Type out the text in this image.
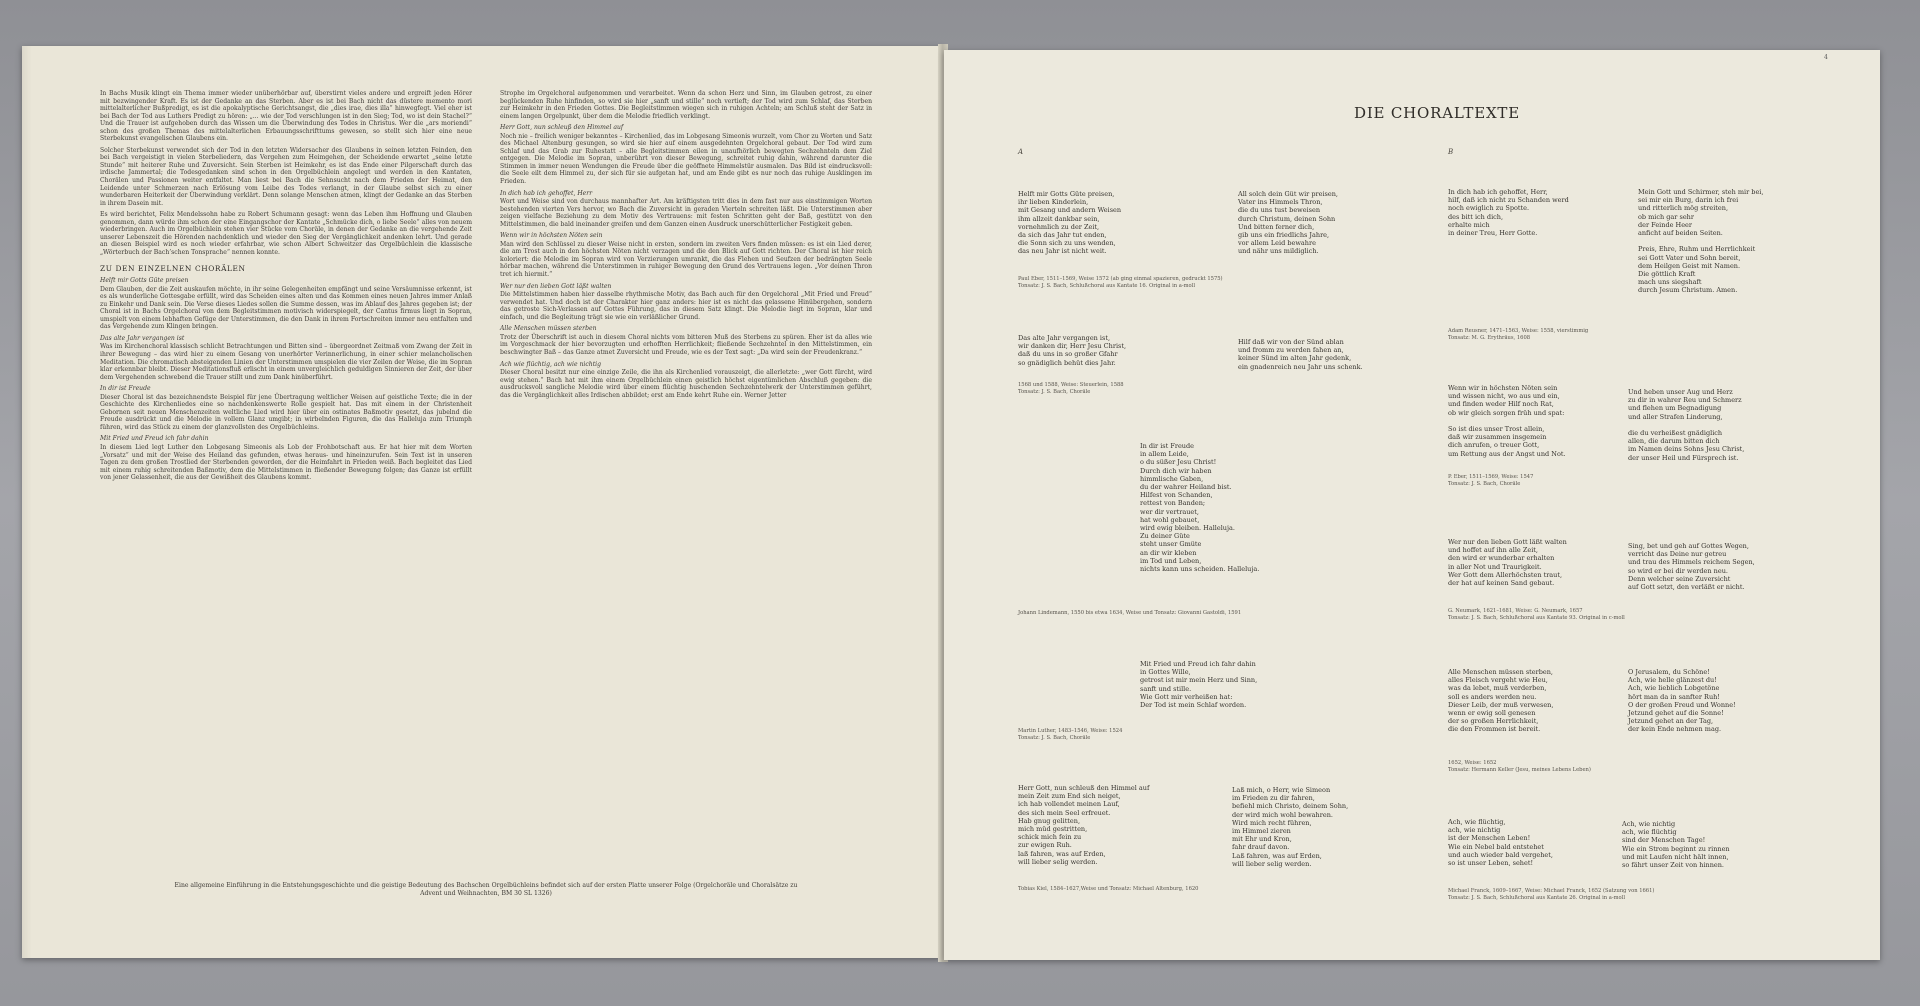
In Bachs Musik klingt ein Thema immer wieder unüberhörbar auf, überstirnt vieles andere und ergreift jeden Hörer mit bezwingender Kraft. Es ist der Gedanke an das Sterben. Aber es ist bei Bach nicht das düstere memento mori mittelalterlicher Bußpredigt, es ist die apokalyptische Gerichtsangst, die „dies irae, dies illa“ hinwegfegt. Viel eher ist bei Bach der Tod aus Luthers Predigt zu hören: „... wie der Tod verschlungen ist in den Sieg; Tod, wo ist dein Stachel?“ Und die Trauer ist aufgehoben durch das Wissen um die Überwindung des Todes in Christus. Wer die „ars moriendi“ schon des großen Themas des mittelalterlichen Erbauungsschrifttums gewesen, so stellt sich hier eine neue Sterbekunst evangelischen Glaubens ein.

Solcher Sterbekunst verwendet sich der Tod in den letzten Widersacher des Glaubens in seinen letzten Feinden, den bei Bach vergeistigt in vielen Sterbeliedern, das Vergehen zum Heimgehen, der Scheidende erwartet „seine letzte Stunde“ mit heiterer Ruhe und Zuversicht. Sein Sterben ist Heimkehr, es ist das Ende einer Pilgerschaft durch das irdische Jammertal; die Todesgedanken sind schon in den Orgelbüchlein angelegt und werden in den Kantaten, Chorälen und Passionen weiter entfaltet. Man liest bei Bach die Sehnsucht nach dem Frieden der Heimat, den Leidende unter Schmerzen nach Erlösung vom Leibe des Todes verlangt, in der Glaube selbst sich zu einer wunderbaren Heiterkeit der Überwindung verklärt. Denn solange Menschen atmen, klingt der Gedanke an das Sterben in ihrem Dasein mit.

Es wird berichtet, Felix Mendelssohn habe zu Robert Schumann gesagt: wenn das Leben ihm Hoffnung und Glauben genommen, dann würde ihm schon der eine Eingangschor der Kantate „Schmücke dich, o liebe Seele“ alles von neuem wiederbringen. Auch im Orgelbüchlein stehen vier Stücke vom Choräle, in denen der Gedanke an die vergehende Zeit unserer Lebenszeit die Hörenden nachdenklich und wieder den Sieg der Vergänglichkeit andenken lehrt. Und gerade an diesen Beispiel wird es noch wieder erfahrbar, wie schon Albert Schweitzer das Orgelbüchlein die klassische „Wörterbuch der Bach’schen Tonsprache“ nennen konnte.

ZU DEN EINZELNEN CHORÄLEN
Helft mir Gotts Güte preisen

Dem Glauben, der die Zeit auskaufen möchte, in ihr seine Gelegenheiten empfängt und seine Versäumnisse erkennt, ist es als wunderliche Gottesgabe erfüllt, wird das Scheiden eines alten und das Kommen eines neuen Jahres immer Anlaß zu Einkehr und Dank sein. Die Verse dieses Liedes sollen die Summe dessen, was im Ablauf des Jahres gegeben ist; der Choral ist in Bachs Orgelchoral von dem Begleitstimmen motivisch widerspiegelt, der Cantus firmus liegt in Sopran, umspielt von einem lebhaften Gefüge der Unterstimmen, die den Dank in ihrem Fortschreiten immer neu entfalten und das Vergehende zum Klingen bringen.

Das alte Jahr vergangen ist

Was im Kirchenchoral klassisch schlicht Betrachtungen und Bitten sind – übergeordnet Zeitmaß vom Zwang der Zeit in ihrer Bewegung – das wird hier zu einem Gesang von unerhörter Verinnerlichung, in einer schier melancholischen Meditation. Die chromatisch absteigenden Linien der Unterstimmen umspielen die vier Zeilen der Weise, die im Sopran klar erkennbar bleibt. Dieser Meditationsfluß erlischt in einem unvergleichlich geduldigen Sinnieren der Zeit, der über dem Vergehenden schwebend die Trauer stillt und zum Dank hinüberführt.

In dir ist Freude

Dieser Choral ist das bezeichnendste Beispiel für jene Übertragung weltlicher Weisen auf geistliche Texte; die in der Geschichte des Kirchenliedes eine so nachdenkenswerte Rolle gespielt hat. Das mit einem in der Christenheit Gebornen seit neuen Menschenzeiten weltliche Lied wird hier über ein ostinates Baßmotiv gesetzt, das jubelnd die Freude ausdrückt und die Melodie in vollem Glanz umgibt; in wirbelnden Figuren, die das Halleluja zum Triumph führen, wird das Stück zu einem der glanzvollsten des Orgelbüchleins.

Mit Fried und Freud ich fahr dahin

In diesem Lied legt Luther den Lobgesang Simeonis als Lob der Frohbotschaft aus. Er hat hier mit dem Worten „Vorsatz“ und mit der Weise des Heiland das gefunden, etwas heraus- und hineinzurufen. Sein Text ist in unseren Tagen zu dem großen Trostlied der Sterbenden geworden, der die Heimfahrt in Frieden weiß. Bach begleitet das Lied mit einem ruhig schreitenden Baßmotiv, dem die Mittelstimmen in fließender Bewegung folgen; das Ganze ist erfüllt von jener Gelassenheit, die aus der Gewißheit des Glaubens kommt.

Strophe im Orgelchoral aufgenommen und verarbeitet. Wenn da schon Herz und Sinn, im Glauben getrost, zu einer beglückenden Ruhe hinfinden, so wird sie hier „sanft und stille“ noch vertieft; der Tod wird zum Schlaf, das Sterben zur Heimkehr in den Frieden Gottes. Die Begleitstimmen wiegen sich in ruhigen Achteln; am Schluß steht der Satz in einem langen Orgelpunkt, über dem die Melodie friedlich verklingt.

Herr Gott, nun schleuß den Himmel auf

Noch nie – freilich weniger bekanntes – Kirchenlied, das im Lobgesang Simeonis wurzelt, vom Chor zu Worten und Satz des Michael Altenburg gesungen, so wird sie hier auf einem ausgedehnten Orgelchoral gebaut. Der Tod wird zum Schlaf und das Grab zur Ruhestatt – alle Begleitstimmen eilen in unaufhörlich bewegten Sechzehnteln dem Ziel entgegen. Die Melodie im Sopran, unberührt von dieser Bewegung, schreitet ruhig dahin, während darunter die Stimmen in immer neuen Wendungen die Freude über die geöffnete Himmelstür ausmalen. Das Bild ist eindrucksvoll: die Seele eilt dem Himmel zu, der sich für sie aufgetan hat, und am Ende gibt es nur noch das ruhige Ausklingen im Frieden.

In dich hab ich gehoffet, Herr

Wort und Weise sind von durchaus mannhafter Art. Am kräftigsten tritt dies in dem fast nur aus einstimmigen Worten bestehenden vierten Vers hervor, wo Bach die Zuversicht in geraden Vierteln schreiten läßt. Die Unterstimmen aber zeigen vielfache Beziehung zu dem Motiv des Vertrauens: mit festen Schritten geht der Baß, gestützt von den Mittelstimmen, die bald ineinander greifen und dem Ganzen einen Ausdruck unerschütterlicher Festigkeit geben.

Wenn wir in höchsten Nöten sein

Man wird den Schlüssel zu dieser Weise nicht in ersten, sondern im zweiten Vers finden müssen: es ist ein Lied derer, die am Trost auch in den höchsten Nöten nicht verzagen und die den Blick auf Gott richten. Der Choral ist hier reich koloriert: die Melodie im Sopran wird von Verzierungen umrankt, die das Flehen und Seufzen der bedrängten Seele hörbar machen, während die Unterstimmen in ruhiger Bewegung den Grund des Vertrauens legen. „Vor deinen Thron tret ich hiermit.“

Wer nur den lieben Gott läßt walten

Die Mittelstimmen haben hier dasselbe rhythmische Motiv, das Bach auch für den Orgelchoral „Mit Fried und Freud“ verwendet hat. Und doch ist der Charakter hier ganz anders: hier ist es nicht das gelassene Hinübergehen, sondern das getroste Sich-Verlassen auf Gottes Führung, das in diesem Satz klingt. Die Melodie liegt im Sopran, klar und einfach, und die Begleitung trägt sie wie ein verläßlicher Grund.

Alle Menschen müssen sterben

Trotz der Überschrift ist auch in diesem Choral nichts vom bitteren Muß des Sterbens zu spüren. Eher ist da alles wie im Vorgeschmack der hier bevorzugten und erhofften Herrlichkeit; fließende Sechzehntel in den Mittelstimmen, ein beschwingter Baß – das Ganze atmet Zuversicht und Freude, wie es der Text sagt: „Da wird sein der Freudenkranz.“

Ach wie flüchtig, ach wie nichtig

Dieser Choral besitzt nur eine einzige Zeile, die ihn als Kirchenlied vorauszeigt, die allerletzte: „wer Gott fürcht, wird ewig stehen.“ Bach hat mit ihm einem Orgelbüchlein einen geistlich höchst eigentümlichen Abschluß gegeben: die ausdrucksvoll sangliche Melodie wird über einem flüchtig huschenden Sechzehntelwerk der Unterstimmen geführt, das die Vergänglichkeit alles Irdischen abbildet; erst am Ende kehrt Ruhe ein. Werner Jetter

Eine allgemeine Einführung in die Entstehungsgeschichte und die geistige Bedeutung des Bachschen Orgelbüchleins befindet sich auf der ersten Platte unserer Folge (Orgelchoräle und Choralsätze zu
Advent und Weihnachten, BM 30 SL 1326)
4
DIE CHORALTEXTE
A	B
Helft mir Gotts Güte preisen,
ihr lieben Kinderlein,
mit Gesang und andern Weisen
ihm allzeit dankbar sein,
vornehmlich zu der Zeit,
da sich das Jahr tut enden,
die Sonn sich zu uns wenden,
das neu Jahr ist nicht weit.
All solch dein Güt wir preisen,
Vater ins Himmels Thron,
die du uns tust beweisen
durch Christum, deinen Sohn
Und bitten ferner dich,
gib uns ein friedlichs Jahre,
vor allem Leid bewahre
und nähr uns mildiglich.
Paul Eber, 1511–1569, Weise 1572 (ab ging einmal spazieren, gedruckt 1575)
Tonsatz: J. S. Bach, Schlußchoral aus Kantate 16. Original in a-moll
In dich hab ich gehoffet, Herr,
hilf, daß ich nicht zu Schanden werd
noch ewiglich zu Spotte.
des bitt ich dich,
erhalte mich
in deiner Treu, Herr Gotte.
Mein Gott und Schirmer, steh mir bei,
sei mir ein Burg, darin ich frei
und ritterlich mög streiten,
ob mich gar sehr
der Feinde Heer
anficht auf beiden Seiten.

Preis, Ehre, Ruhm und Herrlichkeit
sei Gott Vater und Sohn bereit,
dem Heilgen Geist mit Namen.
Die göttlich Kraft
mach uns siegshaft
durch Jesum Christum. Amen.
Adam Reusner, 1471–1563, Weise: 1558, vierstimmig
Tonsatz: M. G. Erythräus, 1608
Das alte Jahr vergangen ist,
wir danken dir, Herr Jesu Christ,
daß du uns in so großer Gfahr
so gnädiglich behüt dies Jahr.
Hilf daß wir von der Sünd ablan
und fromm zu werden fahen an,
keiner Sünd im alten Jahr gedenk,
ein gnadenreich neu Jahr uns schenk.
1568 und 1588, Weise: Steuerlein, 1588
Tonsatz: J. S. Bach, Choräle	Wenn wir in höchsten Nöten sein
und wissen nicht, wo aus und ein,
und finden weder Hilf noch Rat,
ob wir gleich sorgen früh und spat:

So ist dies unser Trost allein,
daß wir zusammen insgemein
dich anrufen, o treuer Gott,
um Rettung aus der Angst und Not.
Und heben unser Aug und Herz
zu dir in wahrer Reu und Schmerz
und flehen um Begnadigung
und aller Strafen Linderung,

die du verheißest gnädiglich
allen, die darum bitten dich
im Namen deins Sohns Jesu Christ,
der unser Heil und Fürsprech ist.
P. Eber, 1511–1569, Weise: 1547
Tonsatz: J. S. Bach, Choräle
In dir ist Freude
in allem Leide,
o du süßer Jesu Christ!
Durch dich wir haben
himmlische Gaben,
du der wahrer Heiland bist.
Hilfest von Schanden,
rettest von Banden;
wer dir vertrauet,
hat wohl gebauet,
wird ewig bleiben. Halleluja.
Zu deiner Güte
steht unser Gmüte
an dir wir kleben
im Tod und Leben,
nichts kann uns scheiden. Halleluja.
Johann Lindemann, 1550 bis etwa 1634, Weise und Tonsatz: Giovanni Gastoldi, 1591
Wer nur den lieben Gott läßt walten
und hoffet auf ihn alle Zeit,
den wird er wunderbar erhalten
in aller Not und Traurigkeit.
Wer Gott dem Allerhöchsten traut,
der hat auf keinen Sand gebaut.
Sing, bet und geh auf Gottes Wegen,
verricht das Deine nur getreu
und trau des Himmels reichem Segen,
so wird er bei dir werden neu.
Denn welcher seine Zuversicht
auf Gott setzt, den verläßt er nicht.
G. Neumark, 1621–1681, Weise: G. Neumark, 1657
Tonsatz: J. S. Bach, Schlußchoral aus Kantate 93. Original in c-moll
Mit Fried und Freud ich fahr dahin
in Gottes Wille,
getrost ist mir mein Herz und Sinn,
sanft und stille.
Wie Gott mir verheißen hat:
Der Tod ist mein Schlaf worden.
Martin Luther, 1483–1546, Weise: 1524
Tonsatz: J. S. Bach, Choräle
Alle Menschen müssen sterben,
alles Fleisch vergeht wie Heu,
was da lebet, muß verderben,
soll es anders werden neu.
Dieser Leib, der muß verwesen,
wenn er ewig soll genesen
der so großen Herrlichkeit,
die den Frommen ist bereit.
O Jerusalem, du Schöne!
Ach, wie helle glänzest du!
Ach, wie lieblich Lobgetöne
hört man da in sanfter Ruh!
O der großen Freud und Wonne!
Jetzund gehet auf die Sonne!
Jetzund gehet an der Tag,
der kein Ende nehmen mag.
1652, Weise: 1652
Tonsatz: Hermann Keller (Jesu, meines Lebens Leben)
Herr Gott, nun schleuß den Himmel auf
mein Zeit zum End sich neiget,
ich hab vollendet meinen Lauf,
des sich mein Seel erfreuet.
Hab gnug gelitten,
mich müd gestritten,
schick mich fein zu
zur ewigen Ruh.
laß fahren, was auf Erden,
will lieber selig werden.
Laß mich, o Herr, wie Simeon
im Frieden zu dir fahren,
befiehl mich Christo, deinem Sohn,
der wird mich wohl bewahren.
Wird mich recht führen,
im Himmel zieren
mit Ehr und Kron,
fahr drauf davon.
Laß fahren, was auf Erden,
will lieber selig werden.
Tobias Kiel, 1584–1627,Weise und Tonsatz: Michael Altenburg, 1620
Ach, wie flüchtig,
ach, wie nichtig
ist der Menschen Leben!
Wie ein Nebel bald entstehet
und auch wieder bald vergehet,
so ist unser Leben, sehet!
Ach, wie nichtig
ach, wie flüchtig
sind der Menschen Tage!
Wie ein Strom beginnt zu rinnen
und mit Laufen nicht hält innen,
so fährt unser Zeit von hinnen.
Michael Franck, 1609–1667, Weise: Michael Franck, 1652 (Satzung von 1661)
Tonsatz: J. S. Bach, Schlußchoral aus Kantate 26. Original in a-moll
